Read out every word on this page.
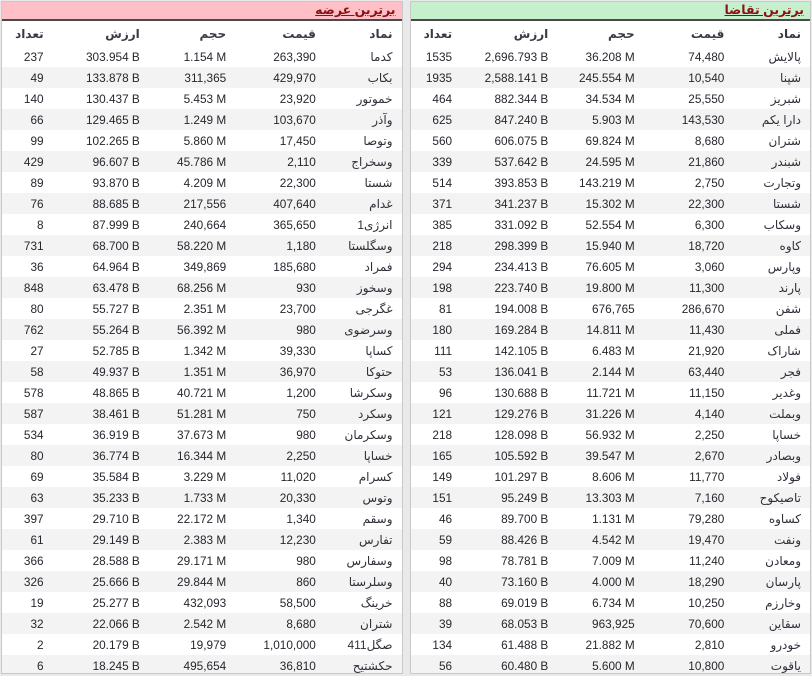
برترین تقاضا
نماد	قیمت	حجم	ارزش	تعداد
پالایش	74,480	36.208 M	2,696.793 B	1535
شپنا	10,540	245.554 M	2,588.141 B	1935
شبریز	25,550	34.534 M	882.344 B	464
دارا یکم	143,530	5.903 M	847.240 B	625
شتران	8,680	69.824 M	606.075 B	560
شبندر	21,860	24.595 M	537.642 B	339
وتجارت	2,750	143.219 M	393.853 B	514
شستا	22,300	15.302 M	341.237 B	371
وسکاب	6,300	52.554 M	331.092 B	385
کاوه	18,720	15.940 M	298.399 B	218
وپارس	3,060	76.605 M	234.413 B	294
پارند	11,300	19.800 M	223.740 B	198
شفن	286,670	676,765	194.008 B	81
فملی	11,430	14.811 M	169.284 B	180
شاراک	21,920	6.483 M	142.105 B	111
فجر	63,440	2.144 M	136.041 B	53
وغدیر	11,150	11.721 M	130.688 B	96
وبملت	4,140	31.226 M	129.276 B	121
خساپا	2,250	56.932 M	128.098 B	218
وبصادر	2,670	39.547 M	105.592 B	165
فولاد	11,770	8.606 M	101.297 B	149
تاصیکوح	7,160	13.303 M	95.249 B	151
کساوه	79,280	1.131 M	89.700 B	46
ونفت	19,470	4.542 M	88.426 B	59
ومعادن	11,240	7.009 M	78.781 B	98
پارسان	18,290	4.000 M	73.160 B	40
وخارزم	10,250	6.734 M	69.019 B	88
سقاین	70,600	963,925	68.053 B	39
خودرو	2,810	21.882 M	61.488 B	134
یاقوت	10,800	5.600 M	60.480 B	56
برترین عرضه
نماد	قیمت	حجم	ارزش	تعداد
کدما	263,390	1.154 M	303.954 B	237
بکاب	429,970	311,365	133.878 B	49
خموتور	23,920	5.453 M	130.437 B	140
وآذر	103,670	1.249 M	129.465 B	66
وتوصا	17,450	5.860 M	102.265 B	99
وسخراج	2,110	45.786 M	96.607 B	429
شستا	22,300	4.209 M	93.870 B	89
غدام	407,640	217,556	88.685 B	76
انرژی1	365,650	240,664	87.999 B	8
وسگلستا	1,180	58.220 M	68.700 B	731
فمراد	185,680	349,869	64.964 B	36
وسخوز	930	68.256 M	63.478 B	848
غگرجی	23,700	2.351 M	55.727 B	80
وسرضوی	980	56.392 M	55.264 B	762
کساپا	39,330	1.342 M	52.785 B	27
حتوکا	36,970	1.351 M	49.937 B	58
وسکرشا	1,200	40.721 M	48.865 B	578
وسکرد	750	51.281 M	38.461 B	587
وسکرمان	980	37.673 M	36.919 B	534
خساپا	2,250	16.344 M	36.774 B	80
کسرام	11,020	3.229 M	35.584 B	69
وتوس	20,330	1.733 M	35.233 B	63
وسقم	1,340	22.172 M	29.710 B	397
تفارس	12,230	2.383 M	29.149 B	61
وسفارس	980	29.171 M	28.588 B	366
وسلرستا	860	29.844 M	25.666 B	326
خرینگ	58,500	432,093	25.277 B	19
شتران	8,680	2.542 M	22.066 B	32
صگل411	1,010,000	19,979	20.179 B	2
حکشتیح	36,810	495,654	18.245 B	6
